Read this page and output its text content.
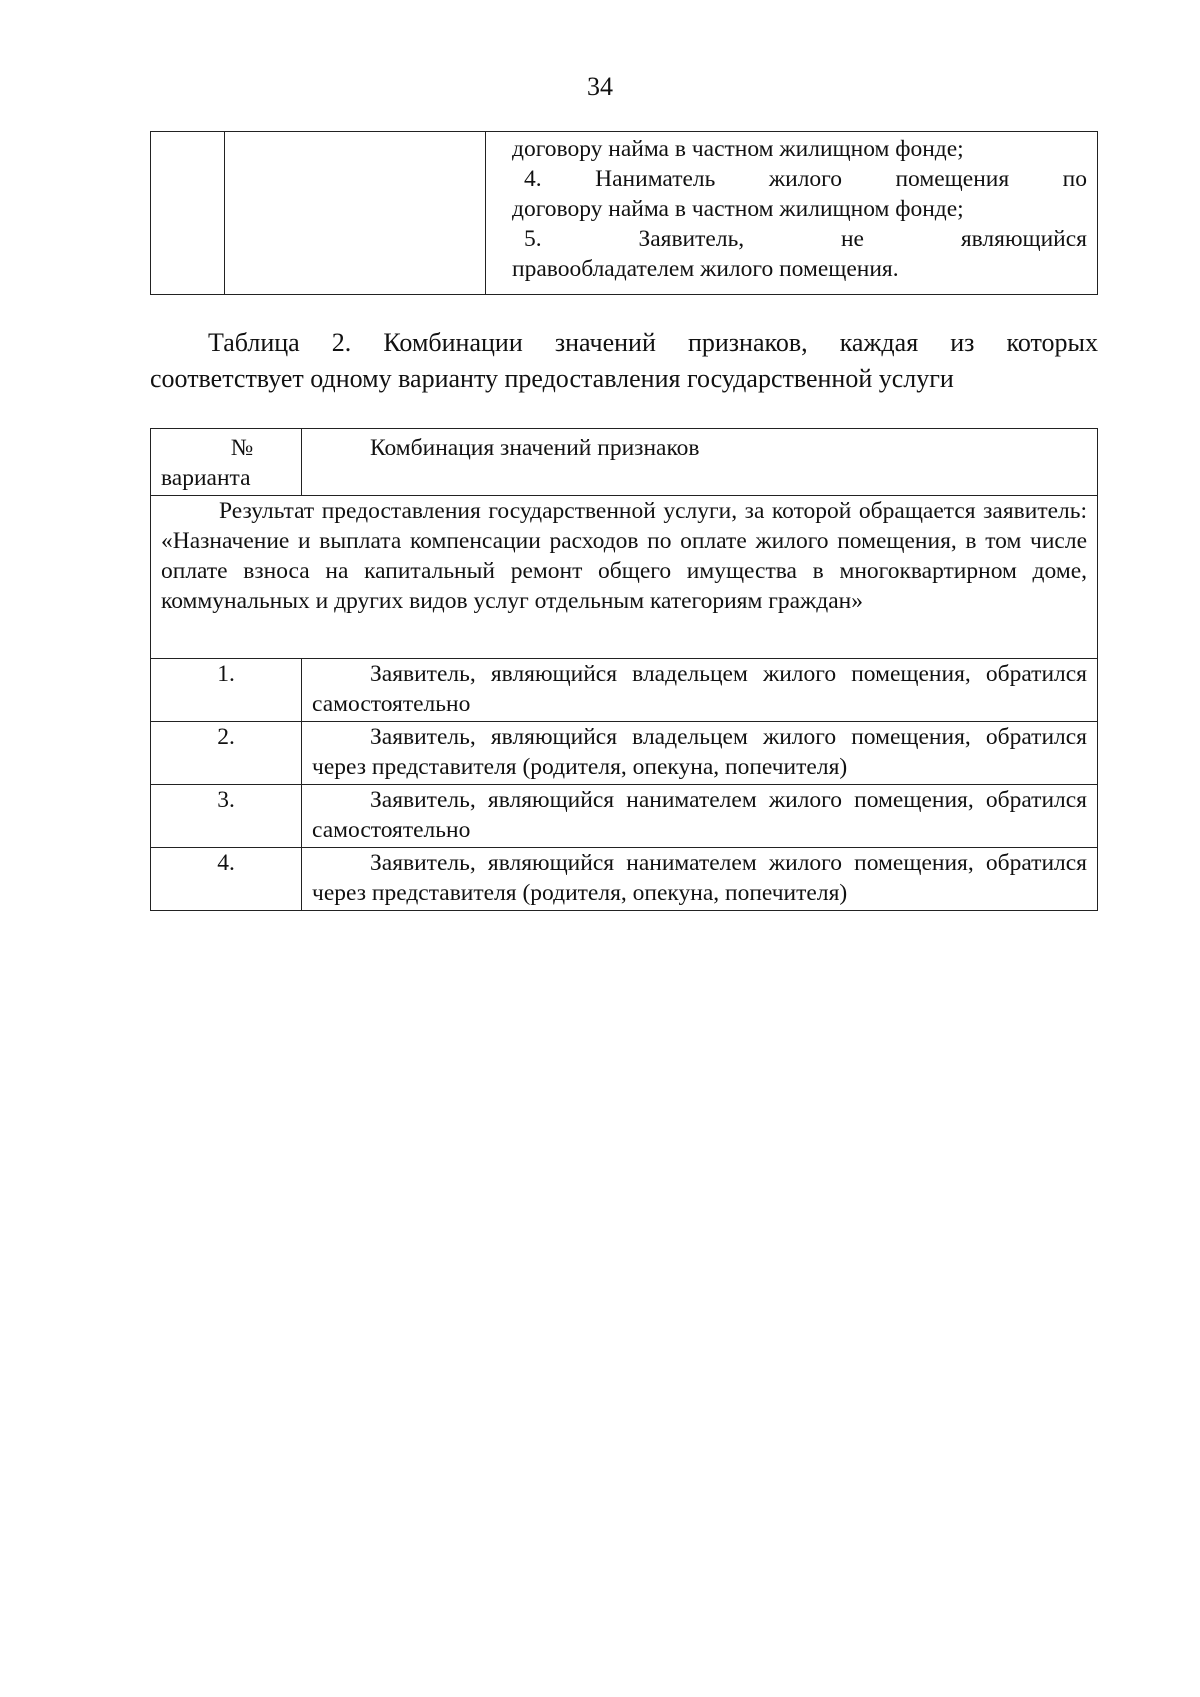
34

договору найма в частном жилищном фонде;
4. Наниматель жилого помещения по
договору найма в частном жилищном фонде;
5. Заявитель, не являющийся
правообладателем жилого помещения.
Таблица 2. Комбинации значений признаков, каждая из которых
соответствует одному варианту предоставления государственной услуги
№
варианта	Комбинация значений признаков

Результат предоставления государственной услуги, за которой обращается заявитель: «Назначение и выплата компенсации расходов по оплате жилого помещения, в том числе оплате взноса на капитальный ремонт общего имущества в многоквартирном доме, коммунальных и других видов услуг отдельным категориям граждан»	

1.	Заявитель, являющийся владельцем жилого помещения, обратился самостоятельно

2.	Заявитель, являющийся владельцем жилого помещения, обратился через представителя (родителя, опекуна, попечителя)

3.	Заявитель, являющийся нанимателем жилого помещения, обратился самостоятельно

4.	Заявитель, являющийся нанимателем жилого помещения, обратился через представителя (родителя, опекуна, попечителя)
